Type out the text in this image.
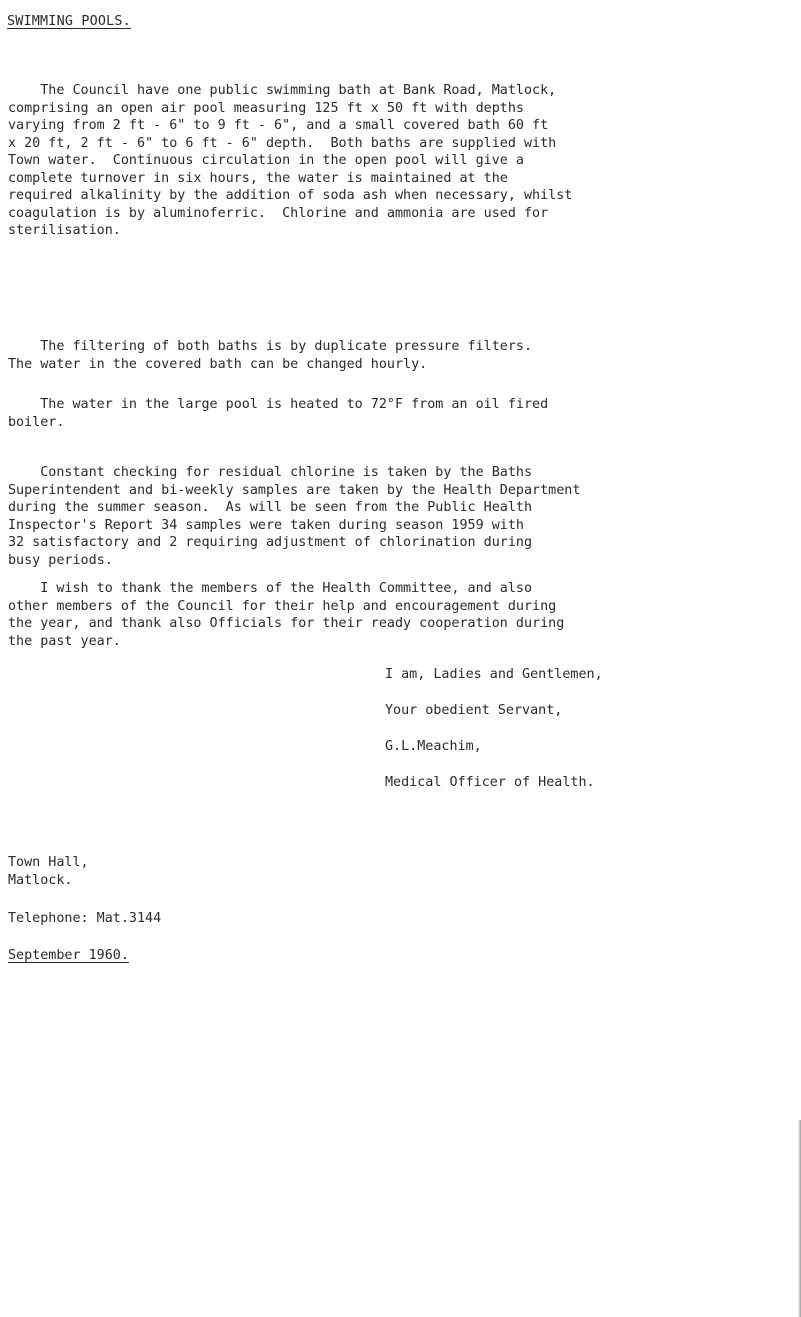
SWIMMING POOLS.

The Council have one public swimming bath at Bank Road, Matlock,
comprising an open air pool measuring 125 ft x 50 ft with depths
varying from 2 ft - 6" to 9 ft - 6", and a small covered bath 60 ft
x 20 ft, 2 ft - 6" to 6 ft - 6" depth.  Both baths are supplied with
Town water.  Continuous circulation in the open pool will give a
complete turnover in six hours, the water is maintained at the
required alkalinity by the addition of soda ash when necessary, whilst
coagulation is by aluminoferric.  Chlorine and ammonia are used for
sterilisation.

The filtering of both baths is by duplicate pressure filters.
The water in the covered bath can be changed hourly.

The water in the large pool is heated to 72°F from an oil fired
boiler.

Constant checking for residual chlorine is taken by the Baths
Superintendent and bi-weekly samples are taken by the Health Department
during the summer season.  As will be seen from the Public Health
Inspector's Report 34 samples were taken during season 1959 with
32 satisfactory and 2 requiring adjustment of chlorination during
busy periods.

I wish to thank the members of the Health Committee, and also
other members of the Council for their help and encouragement during
the year, and thank also Officials for their ready cooperation during
the past year.

I am, Ladies and Gentlemen,
Your obedient Servant,
G.L.Meachim,
Medical Officer of Health.
Town Hall,
Matlock.
Telephone: Mat.3144
September 1960.
